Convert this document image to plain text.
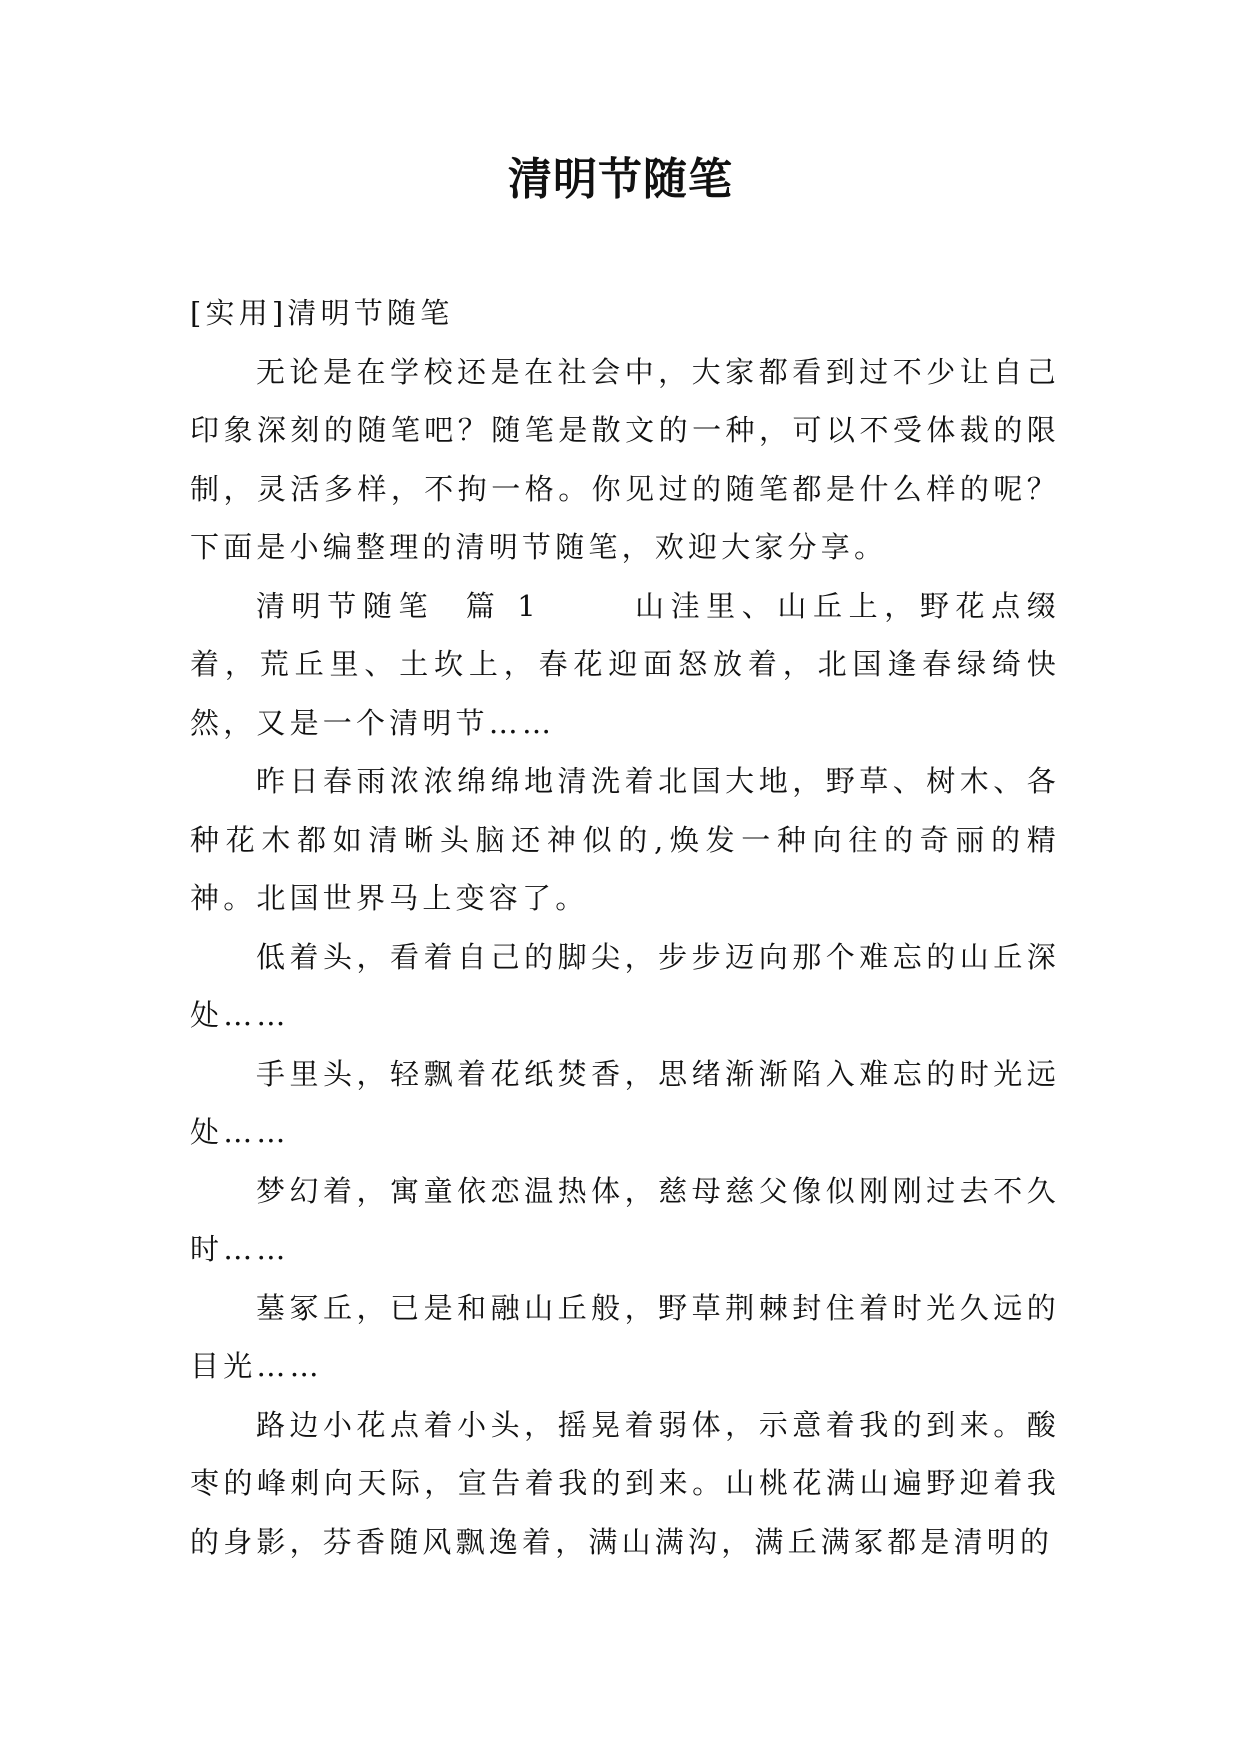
清明节随笔

[实用]清明节随笔

无论是在学校还是在社会中，大家都看到过不少让自己印象深刻的随笔吧？随笔是散文的一种，可以不受体裁的限制，灵活多样，不拘一格。你见过的随笔都是什么样的呢？下面是小编整理的清明节随笔，欢迎大家分享。

清明节随笔  篇 1      山洼里、山丘上，野花点缀着，荒丘里、土坎上，春花迎面怒放着，北国逢春绿绮快然，又是一个清明节……

昨日春雨浓浓绵绵地清洗着北国大地，野草、树木、各种花木都如清晰头脑还神似的,焕发一种向往的奇丽的精神。北国世界马上变容了。

低着头，看着自己的脚尖，步步迈向那个难忘的山丘深处……

手里头，轻飘着花纸焚香，思绪渐渐陷入难忘的时光远处……

梦幻着，寓童依恋温热体，慈母慈父像似刚刚过去不久时……

墓冢丘，已是和融山丘般，野草荆棘封住着时光久远的目光……

路边小花点着小头，摇晃着弱体，示意着我的到来。酸枣的峰刺向天际，宣告着我的到来。山桃花满山遍野迎着我的身影，芬香随风飘逸着，满山满沟，满丘满冢都是清明的
